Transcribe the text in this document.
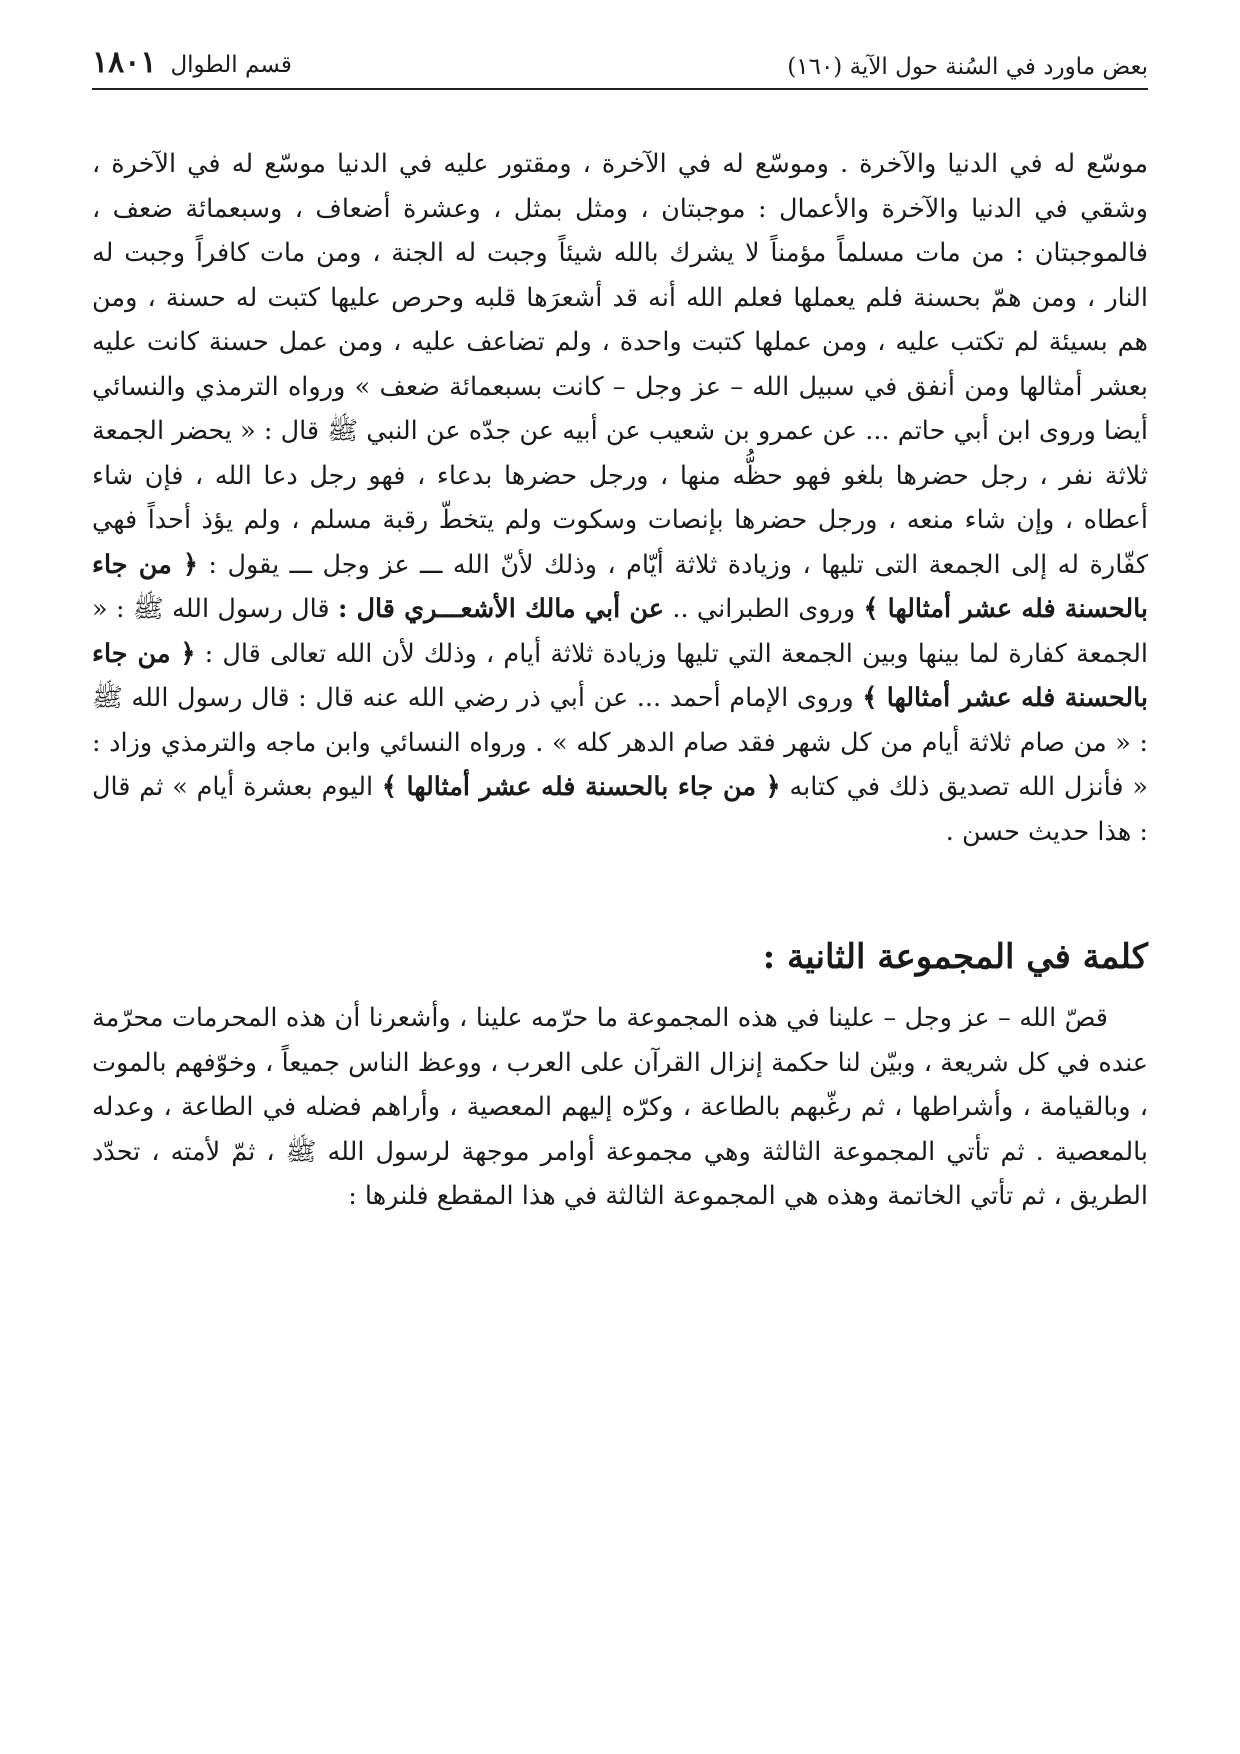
بعض ماورد في السُنة حول الآية (١٦٠)
قسم الطوال١٨٠١

موسّع له في الدنيا والآخرة . وموسّع له في الآخرة ، ومقتور عليه في الدنيا موسّع له في الآخرة ، وشقي في الدنيا والآخرة والأعمال : موجبتان ، ومثل بمثل ، وعشرة أضعاف ، وسبعمائة ضعف ، فالموجبتان : من مات مسلماً مؤمناً لا يشرك بالله شيئاً وجبت له الجنة ، ومن مات كافراً وجبت له النار ، ومن همّ بحسنة فلم يعملها فعلم الله أنه قد أشعرَها قلبه وحرص عليها كتبت له حسنة ، ومن هم بسيئة لم تكتب عليه ، ومن عملها كتبت واحدة ، ولم تضاعف عليه ، ومن عمل حسنة كانت عليه بعشر أمثالها ومن أنفق في سبيل الله – عز وجل – كانت بسبعمائة ضعف » ورواه الترمذي والنسائي أيضا وروى ابن أبي حاتم ... عن عمرو بن شعيب عن أبيه عن جدّه عن النبي ﷺ قال : « يحضر الجمعة ثلاثة نفر ، رجل حضرها بلغو فهو حظُّه منها ، ورجل حضرها بدعاء ، فهو رجل دعا الله ، فإن شاء أعطاه ، وإن شاء منعه ، ورجل حضرها بإنصات وسكوت ولم يتخطّ رقبة مسلم ، ولم يؤذ أحداً فهي كفّارة له إلى الجمعة التى تليها ، وزيادة ثلاثة أيّام ، وذلك لأنّ الله ـــ عز وجل ـــ يقول : ﴿ من جاء بالحسنة فله عشر أمثالها ﴾ وروى الطبراني .. عن أبي مالك الأشعـــري قال : قال رسول الله ﷺ : « الجمعة كفارة لما بينها وبين الجمعة التي تليها وزيادة ثلاثة أيام ، وذلك لأن الله تعالى قال : ﴿ من جاء بالحسنة فله عشر أمثالها ﴾ وروى الإمام أحمد ... عن أبي ذر رضي الله عنه قال : قال رسول الله ﷺ : « من صام ثلاثة أيام من كل شهر فقد صام الدهر كله » . ورواه النسائي وابن ماجه والترمذي وزاد : « فأنزل الله تصديق ذلك في كتابه ﴿ من جاء بالحسنة فله عشر أمثالها ﴾ اليوم بعشرة أيام » ثم قال : هذا حديث حسن .

كلمة في المجموعة الثانية :

قصّ الله – عز وجل – علينا في هذه المجموعة ما حرّمه علينا ، وأشعرنا أن هذه المحرمات محرّمة عنده في كل شريعة ، وبيّن لنا حكمة إنزال القرآن على العرب ، ووعظ الناس جميعاً ، وخوّفهم بالموت ، وبالقيامة ، وأشراطها ، ثم رغّبهم بالطاعة ، وكرّه إليهم المعصية ، وأراهم فضله في الطاعة ، وعدله بالمعصية . ثم تأتي المجموعة الثالثة وهي مجموعة أوامر موجهة لرسول الله ﷺ ، ثمّ لأمته ، تحدّد الطريق ، ثم تأتي الخاتمة وهذه هي المجموعة الثالثة في هذا المقطع فلنرها :
